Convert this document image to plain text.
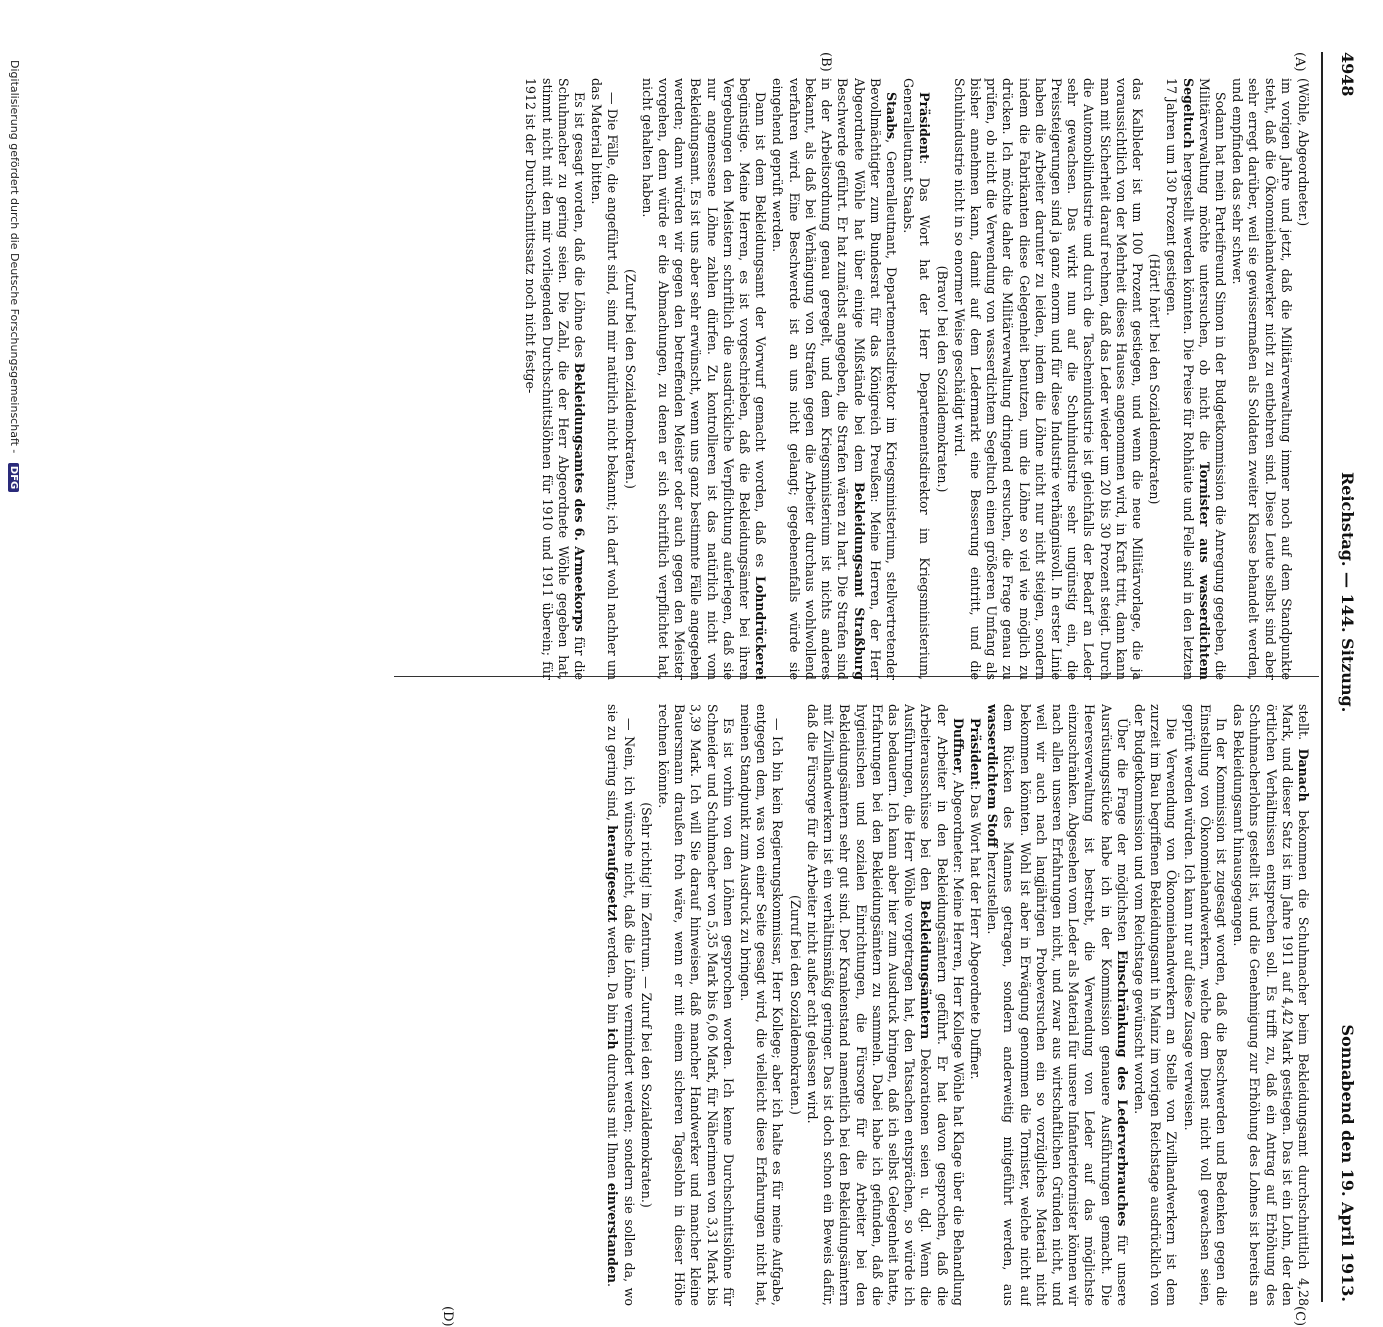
4948
Reichstag. — 144. Sitzung.
Sonnabend den 19. April 1913.
(A)
(B)
(C)
(D)

(Wöhle, Abgeordneter.)

im vorigen Jahre und jetzt, daß die Militärverwaltung immer noch auf dem Standpunkte steht, daß die Ökonomiehandwerker nicht zu entbehren sind. Diese Leute selbst sind aber sehr erregt darüber, weil sie gewissermaßen als Soldaten zweiter Klasse behandelt werden, und empfinden das sehr schwer.

Sodann hat mein Parteifreund Simon in der Budgetkommission die Anregung gegeben, die Militärverwaltung möchte untersuchen, ob nicht die Tornister aus wasserdichtem Segeltuch hergestellt werden könnten. Die Preise für Rohhäute und Felle sind in den letzten 17 Jahren um 130 Prozent gestiegen.

(Hört! hört! bei den Sozialdemokraten)

das Kalbleder ist um 100 Prozent gestiegen, und wenn die neue Militärvorlage, die ja voraussichtlich von der Mehrheit dieses Hauses angenommen wird, in Kraft tritt, dann kann man mit Sicherheit darauf rechnen, daß das Leder wieder um 20 bis 30 Prozent steigt. Durch die Automobilindustrie und durch die Taschenindustrie ist gleichfalls der Bedarf an Leder sehr gewachsen. Das wirkt nun auf die Schuhindustrie sehr ungünstig ein, die Preissteigerungen sind ja ganz enorm und für diese Industrie verhängnisvoll. In erster Linie haben die Arbeiter darunter zu leiden, indem die Löhne nicht nur nicht steigen, sondern indem die Fabrikanten diese Gelegenheit benutzen, um die Löhne so viel wie möglich zu drücken. Ich möchte daher die Militärverwaltung dringend ersuchen, die Frage genau zu prüfen, ob nicht die Verwendung von wasserdichtem Segeltuch einen größeren Umfang als bisher annehmen kann, damit auf dem Ledermarkt eine Besserung eintritt, und die Schuhindustrie nicht in so enormer Weise geschädigt wird.

(Bravo! bei den Sozialdemokraten.)

Präsident: Das Wort hat der Herr Departementsdirektor im Kriegsministerium, Generalleutnant Staabs.

Staabs, Generalleutnant, Departementsdirektor im Kriegsministerium, stellvertretender Bevollmächtigter zum Bundesrat für das Königreich Preußen: Meine Herren, der Herr Abgeordnete Wöhle hat über einige Mißstände bei dem Bekleidungsamt Straßburg Beschwerde geführt. Er hat zunächst angegeben, die Strafen wären zu hart. Die Strafen sind in der Arbeitsordnung genau geregelt, und dem Kriegsministerium ist nichts anderes bekannt, als daß bei Verhängung von Strafen gegen die Arbeiter durchaus wohlwollend verfahren wird. Eine Beschwerde ist an uns nicht gelangt; gegebenenfalls würde sie eingehend geprüft werden.

Dann ist dem Bekleidungsamt der Vorwurf gemacht worden, daß es Lohndrückerei begünstige. Meine Herren, es ist vorgeschrieben, daß die Bekleidungsämter bei ihren Vergebungen den Meistern schriftlich die ausdrückliche Verpflichtung auferlegen, daß sie nur angemessene Löhne zahlen dürfen. Zu kontrollieren ist das natürlich nicht vom Bekleidungsamt. Es ist uns aber sehr erwünscht, wenn uns ganz bestimmte Fälle angegeben werden; dann würden wir gegen den betreffenden Meister oder auch gegen den Meister vorgehen, denn würde er die Abmachungen, zu denen er sich schriftlich verpflichtet hat, nicht gehalten haben.

(Zuruf bei den Sozialdemokraten.)

— Die Fälle, die angeführt sind, sind mir natürlich nicht bekannt; ich darf wohl nachher um das Material bitten.

Es ist gesagt worden, daß die Löhne des Bekleidungsamtes des 6. Armeekorps für die Schuhmacher zu gering seien. Die Zahl, die der Herr Abgeordnete Wöhle gegeben hat, stimmt nicht mit den mir vorliegenden Durchschnittslöhnen für 1910 und 1911 überein; für 1912 ist der Durchschnittssatz noch nicht festge-

stellt. Danach bekommen die Schuhmacher beim Bekleidungsamt durchschnittlich 4,28 Mark, und dieser Satz ist im Jahre 1911 auf 4,42 Mark gestiegen. Das ist ein Lohn, der den örtlichen Verhältnissen entsprechen soll. Es trifft zu, daß ein Antrag auf Erhöhung des Schuhmacherlohns gestellt ist, und die Genehmigung zur Erhöhung des Lohnes ist bereits an das Bekleidungsamt hinausgegangen.

In der Kommission ist zugesagt worden, daß die Beschwerden und Bedenken gegen die Einstellung von Ökonomiehandwerkern, welche dem Dienst nicht voll gewachsen seien, geprüft werden würden. Ich kann nur auf diese Zusage verweisen.

Die Verwendung von Ökonomiehandwerkern an Stelle von Zivilhandwerkern ist dem zurzeit im Bau begriffenen Bekleidungsamt in Mainz im vorigen Reichstage ausdrücklich von der Budgetkommission und vom Reichstage gewünscht worden.

Über die Frage der möglichsten Einschränkung des Lederverbrauches für unsere Ausrüstungsstücke habe ich in der Kommission genauere Ausführungen gemacht. Die Heeresverwaltung ist bestrebt, die Verwendung von Leder auf das möglichste einzuschränken. Abgesehen vom Leder als Material für unsere Infanterietornister können wir nach allen unseren Erfahrungen nicht, und zwar aus wirtschaftlichen Gründen nicht, und weil wir auch nach langjährigen Probeversuchen ein so vorzügliches Material nicht bekommen könnten. Wohl ist aber in Erwägung genommen die Tornister, welche nicht auf dem Rücken des Mannes getragen, sondern anderweitig mitgeführt werden, aus wasserdichtem Stoff herzustellen.

Präsident: Das Wort hat der Herr Abgeordnete Duffner.

Duffner, Abgeordneter: Meine Herren, Herr Kollege Wöhle hat Klage über die Behandlung der Arbeiter in den Bekleidungsämtern geführt. Er hat davon gesprochen, daß die Arbeiterausschüsse bei den Bekleidungsämtern Dekorationen seien u. dgl. Wenn die Ausführungen, die Herr Wöhle vorgetragen hat, den Tatsachen entsprächen, so würde ich das bedauern. Ich kann aber hier zum Ausdruck bringen, daß ich selbst Gelegenheit hatte, Erfahrungen bei den Bekleidungsämtern zu sammeln. Dabei habe ich gefunden, daß die hygienischen und sozialen Einrichtungen, die Fürsorge für die Arbeiter bei den Bekleidungsämtern sehr gut sind. Der Krankenstand namentlich bei den Bekleidungsämtern mit Zivilhandwerkern ist ein verhältnismäßig geringer. Das ist doch schon ein Beweis dafür, daß die Fürsorge für die Arbeiter nicht außer acht gelassen wird.

(Zuruf bei den Sozialdemokraten.)

— Ich bin kein Regierungskommissar, Herr Kollege; aber ich halte es für meine Aufgabe, entgegen dem, was von einer Seite gesagt wird, die vielleicht diese Erfahrungen nicht hat, meinen Standpunkt zum Ausdruck zu bringen.

Es ist vorhin von den Löhnen gesprochen worden. Ich kenne Durchschnittslöhne für Schneider und Schuhmacher von 5,35 Mark bis 6,06 Mark, für Näherinnen von 3,31 Mark bis 3,39 Mark. Ich will Sie darauf hinweisen, daß mancher Handwerker und mancher kleine Bauersmann draußen froh wäre, wenn er mit einem sicheren Tageslohn in dieser Höhe rechnen könnte.

(Sehr richtig! im Zentrum. — Zuruf bei den Sozialdemokraten.)

— Nein, ich wünsche nicht, daß die Löhne vermindert werden; sondern sie sollen da, wo sie zu gering sind, heraufgesetzt werden. Da bin ich durchaus mit Ihnen einverstanden.

Digitalisierung gefördert durch die Deutsche Forschungsgemeinschaft - DFG
